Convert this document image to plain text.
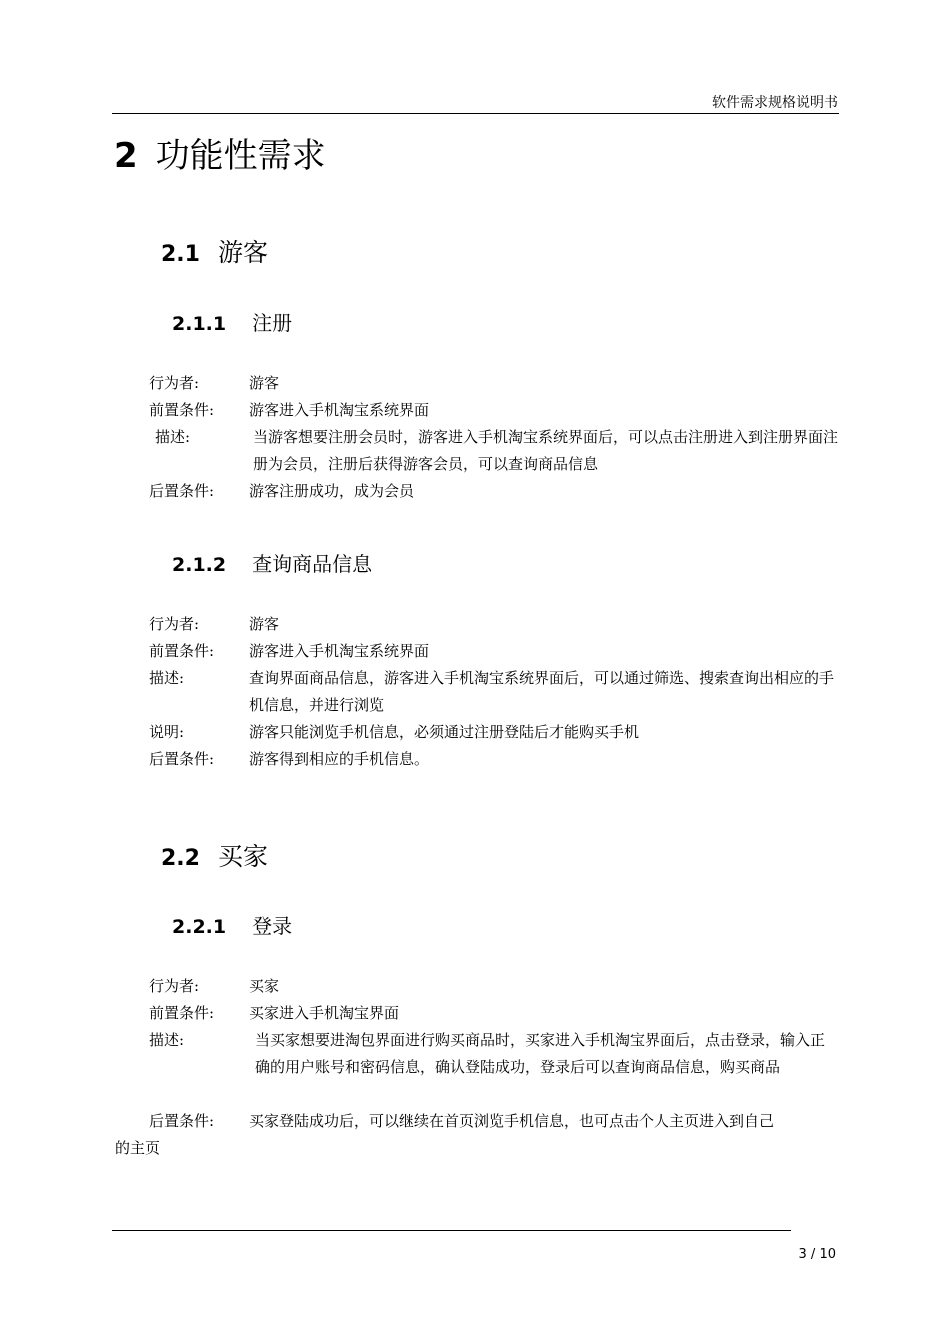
软件需求规格说明书
2 功能性需求
2.1 游客
2.1.1 注册
行为者:	游客
前置条件: 游客进入手机淘宝系统界面
描述:	当游客想要注册会员时，游客进入手机淘宝系统界面后，可以点击注册进入到注册界面注册为会员，注册后获得游客会员，可以查询商品信息
后置条件: 游客注册成功，成为会员
2.1.2 查询商品信息
行为者:	游客
前置条件: 游客进入手机淘宝系统界面
描述:	查询界面商品信息，游客进入手机淘宝系统界面后，可以通过筛选、搜索查询出相应的手机信息，并进行浏览
说明:	游客只能浏览手机信息，必须通过注册登陆后才能购买手机
后置条件: 游客得到相应的手机信息。
2.2 买家
2.2.1 登录
行为者:	买家
前置条件: 买家进入手机淘宝界面
描述:	当买家想要进淘包界面进行购买商品时，买家进入手机淘宝界面后，点击登录，输入正确的用户账号和密码信息，确认登陆成功，登录后可以查询商品信息，购买商品
后置条件: 买家登陆成功后，可以继续在首页浏览手机信息，也可点击个人主页进入到自己
的主页
3 / 10
